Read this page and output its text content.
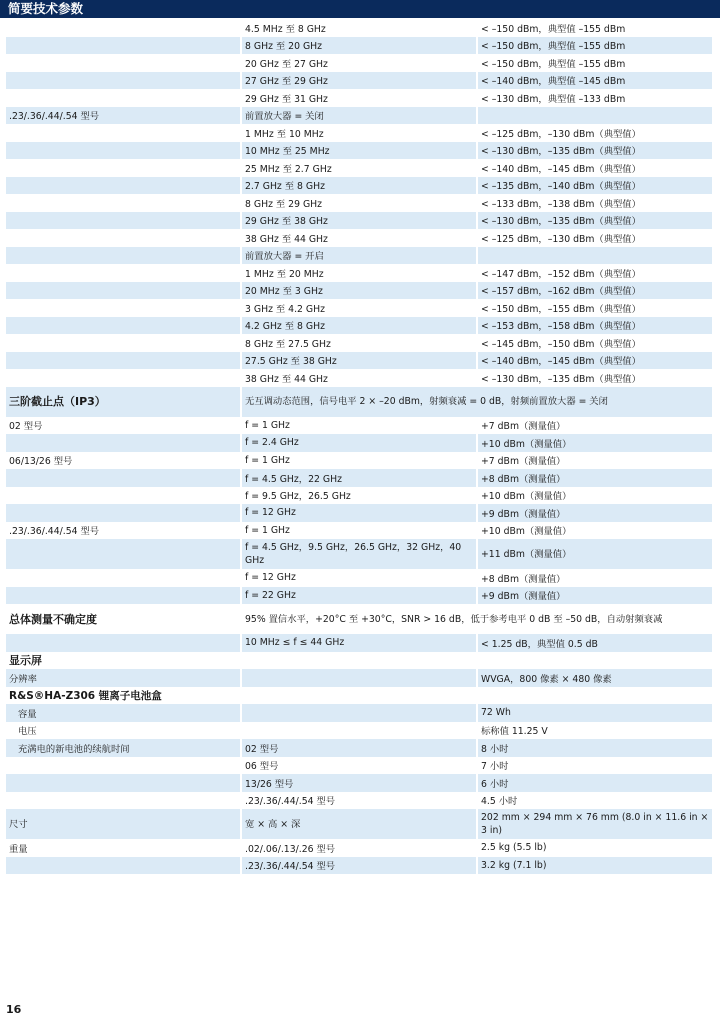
简要技术参数
	4.5 MHz 至 8 GHz	< –150 dBm，典型值 –155 dBm
	8 GHz 至 20 GHz	< –150 dBm，典型值 –155 dBm
	20 GHz 至 27 GHz	< –150 dBm，典型值 –155 dBm
	27 GHz 至 29 GHz	< –140 dBm，典型值 –145 dBm
	29 GHz 至 31 GHz	< –130 dBm，典型值 –133 dBm
.23/.36/.44/.54 型号	前置放大器 = 关闭	
	1 MHz 至 10 MHz	< –125 dBm，–130 dBm（典型值）
	10 MHz 至 25 MHz	< –130 dBm，–135 dBm（典型值）
	25 MHz 至 2.7 GHz	< –140 dBm，–145 dBm（典型值）
	2.7 GHz 至 8 GHz	< –135 dBm，–140 dBm（典型值）
	8 GHz 至 29 GHz	< –133 dBm，–138 dBm（典型值）
	29 GHz 至 38 GHz	< –130 dBm，–135 dBm（典型值）
	38 GHz 至 44 GHz	< –125 dBm，–130 dBm（典型值）
	前置放大器 = 开启	
	1 MHz 至 20 MHz	< –147 dBm，–152 dBm（典型值）
	20 MHz 至 3 GHz	< –157 dBm，–162 dBm（典型值）
	3 GHz 至 4.2 GHz	< –150 dBm，–155 dBm（典型值）
	4.2 GHz 至 8 GHz	< –153 dBm，–158 dBm（典型值）
	8 GHz 至 27.5 GHz	< –145 dBm，–150 dBm（典型值）
	27.5 GHz 至 38 GHz	< –140 dBm，–145 dBm（典型值）
	38 GHz 至 44 GHz	< –130 dBm，–135 dBm（典型值）
三阶截止点（IP3）	无互调动态范围，信号电平 2 × –20 dBm，射频衰减 = 0 dB，射频前置放大器 = 关闭	
02 型号	f = 1 GHz	+7 dBm（测量值）
	f = 2.4 GHz	+10 dBm（测量值）
06/13/26 型号	f = 1 GHz	+7 dBm（测量值）
	f = 4.5 GHz，22 GHz	+8 dBm（测量值）
	f = 9.5 GHz，26.5 GHz	+10 dBm（测量值）
	f = 12 GHz	+9 dBm（测量值）
.23/.36/.44/.54 型号	f = 1 GHz	+10 dBm（测量值）
	f = 4.5 GHz，9.5 GHz，26.5 GHz，32 GHz，40 GHz	+11 dBm（测量值）
	f = 12 GHz	+8 dBm（测量值）
	f = 22 GHz	+9 dBm（测量值）
总体测量不确定度	95% 置信水平，+20°C 至 +30°C，SNR > 16 dB，低于参考电平 0 dB 至 –50 dB，自动射频衰减	
	10 MHz ≤ f ≤ 44 GHz	< 1.25 dB，典型值 0.5 dB
显示屏		
分辨率		WVGA，800 像素 × 480 像素
R&S®HA-Z306 锂离子电池盒		
容量		72 Wh
电压		标称值 11.25 V
充满电的新电池的续航时间	02 型号	8 小时
	06 型号	7 小时
	13/26 型号	6 小时
	.23/.36/.44/.54 型号	4.5 小时
尺寸	宽 × 高 × 深	202 mm × 294 mm × 76 mm (8.0 in × 11.6 in × 3 in)
重量	.02/.06/.13/.26 型号	2.5 kg (5.5 lb)
	.23/.36/.44/.54 型号	3.2 kg (7.1 lb)
16
